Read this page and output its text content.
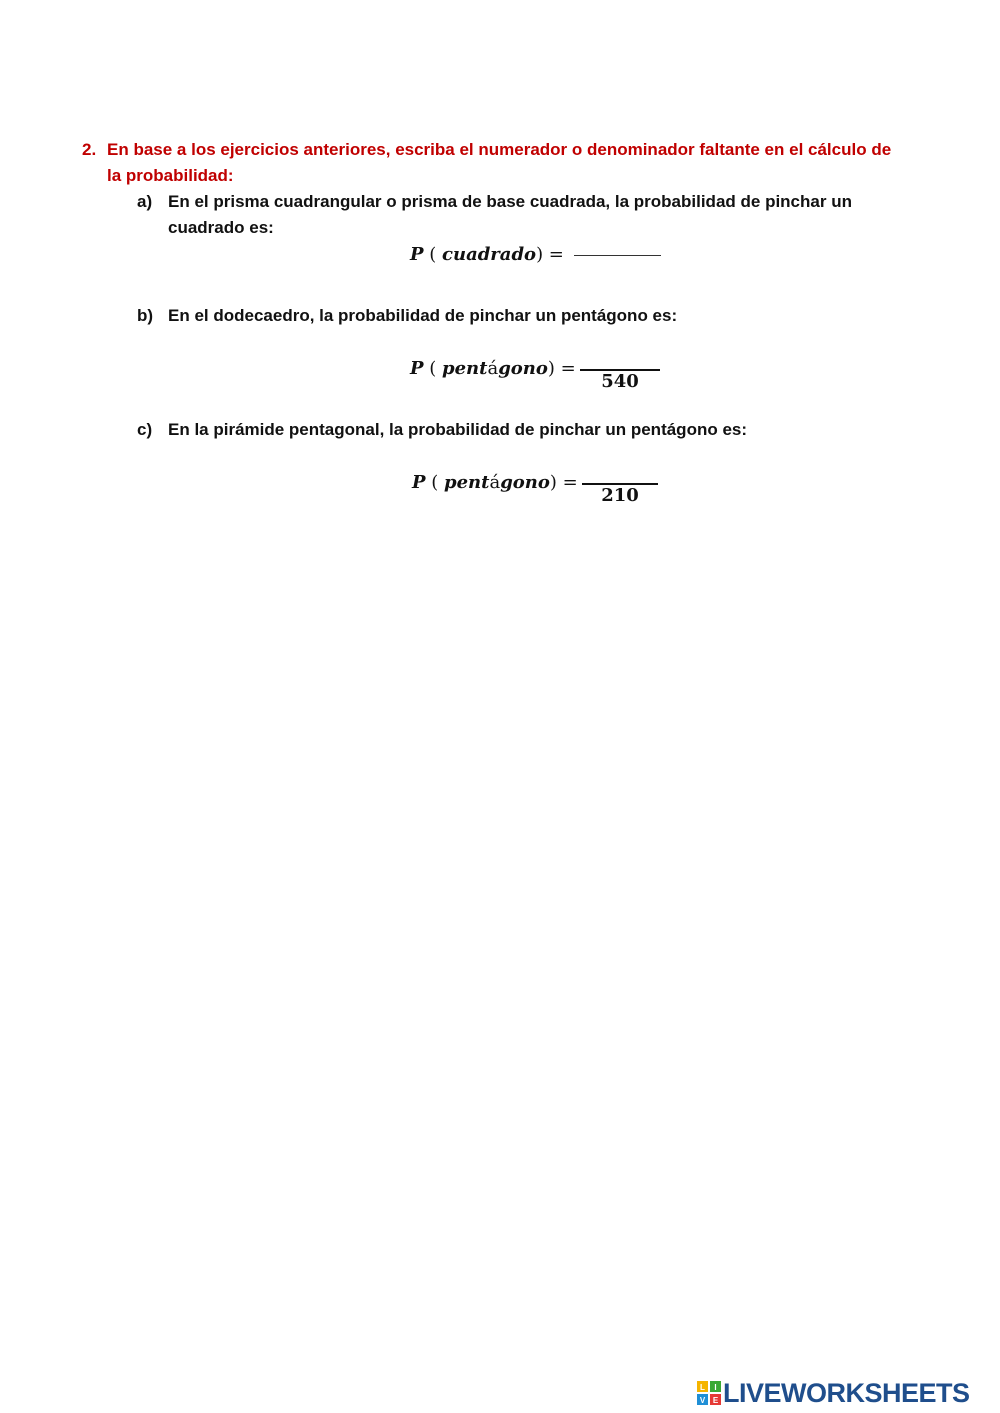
2. En base a los ejercicios anteriores, escriba el numerador o denominador faltante en el cálculo de la probabilidad:
a) En el prisma cuadrangular o prisma de base cuadrada, la probabilidad de pinchar un cuadrado es:
P ( cuadrado) =
b) En el dodecaedro, la probabilidad de pinchar un pentágono es:
P ( pentágono) =
540
c) En la pirámide pentagonal, la probabilidad de pinchar un pentágono es:
P ( pentágono) =
210
L I
V E LIVEWORKSHEETS
